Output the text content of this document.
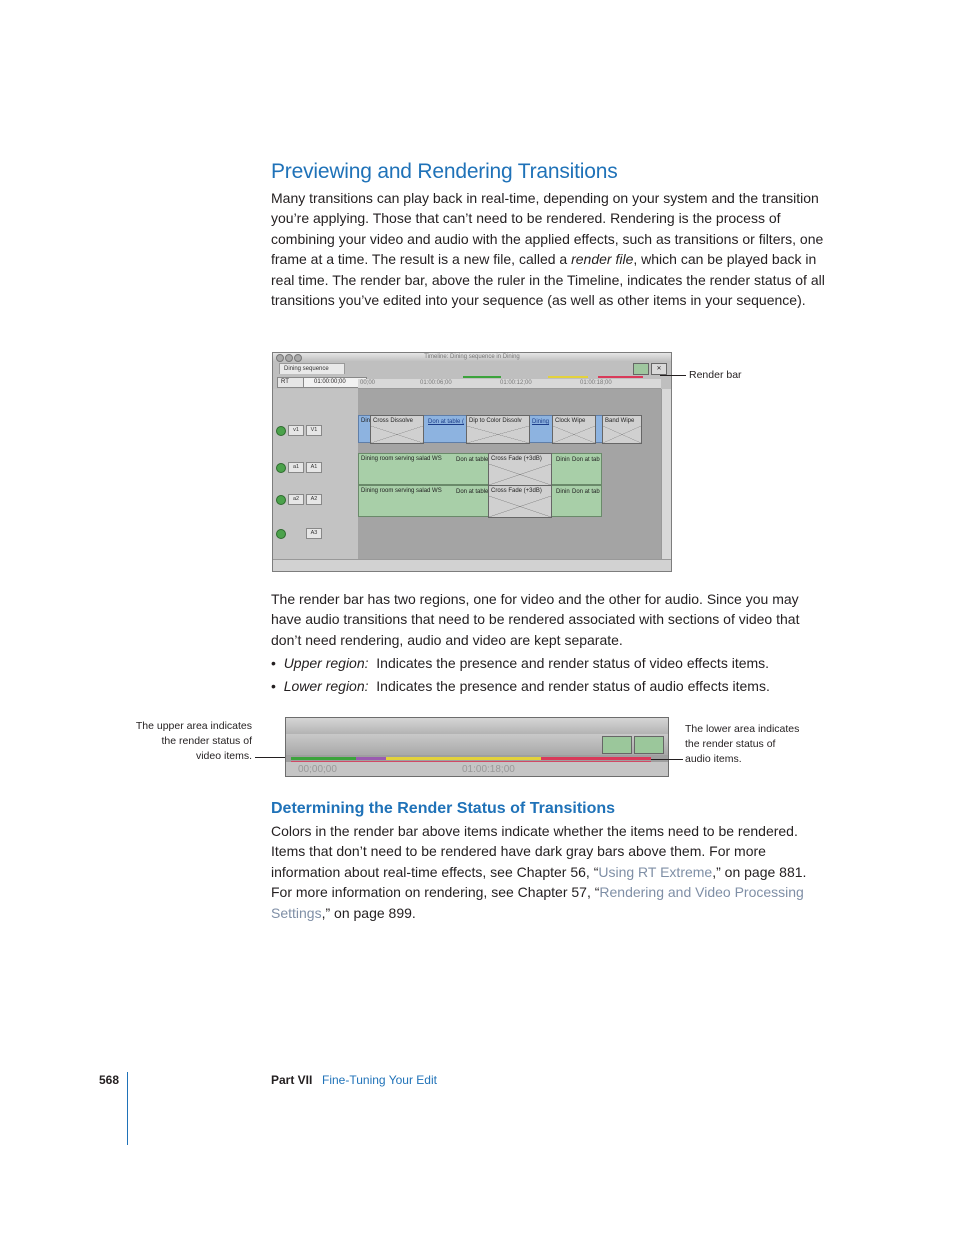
Previewing and Rendering Transitions

Many transitions can play back in real-time, depending on your system and the transition you’re applying. Those that can’t need to be rendered. Rendering is the process of combining your video and audio with the applied effects, such as transitions or filters, one frame at a time. The result is a new file, called a render file, which can be played back in real time. The render bar, above the ruler in the Timeline, indicates the render status of all transitions you’ve edited into your sequence (as well as other items in your sequence).

Timeline: Dining sequence in Dining
Dining sequence	✕
RT	01:00:00;00	00;00	01:00:06;00	01:00:12;00	01:00:18;00
v1	V1
a1	A1
a2	A2
A3
Din	Don at table (	Dining
Cross Dissolve	Dip to Color Dissolv	Clock Wipe	Band Wipe
Dining room serving salad WS	Don at table	Dinin Don at tab
Cross Fade (+3dB)
Dining room serving salad WS	Don at table	Dinin Don at tab
Cross Fade (+3dB)
Render bar

The render bar has two regions, one for video and the other for audio. Since you may have audio transitions that need to be rendered associated with sections of video that don’t need rendering, audio and video are kept separate.

•  Upper region: Indicates the presence and render status of video effects items.
•  Lower region: Indicates the presence and render status of audio effects items.
The upper area indicates
the render status of
video items.
00;00;00	01:00:18;00
The lower area indicates
the render status of
audio items.
Determining the Render Status of Transitions

Colors in the render bar above items indicate whether the items need to be rendered. Items that don’t need to be rendered have dark gray bars above them. For more information about real-time effects, see Chapter 56, “Using RT Extreme,” on page 881. For more information on rendering, see Chapter 57, “Rendering and Video Processing Settings,” on page 899.

568	Part VII Fine-Tuning Your Edit
